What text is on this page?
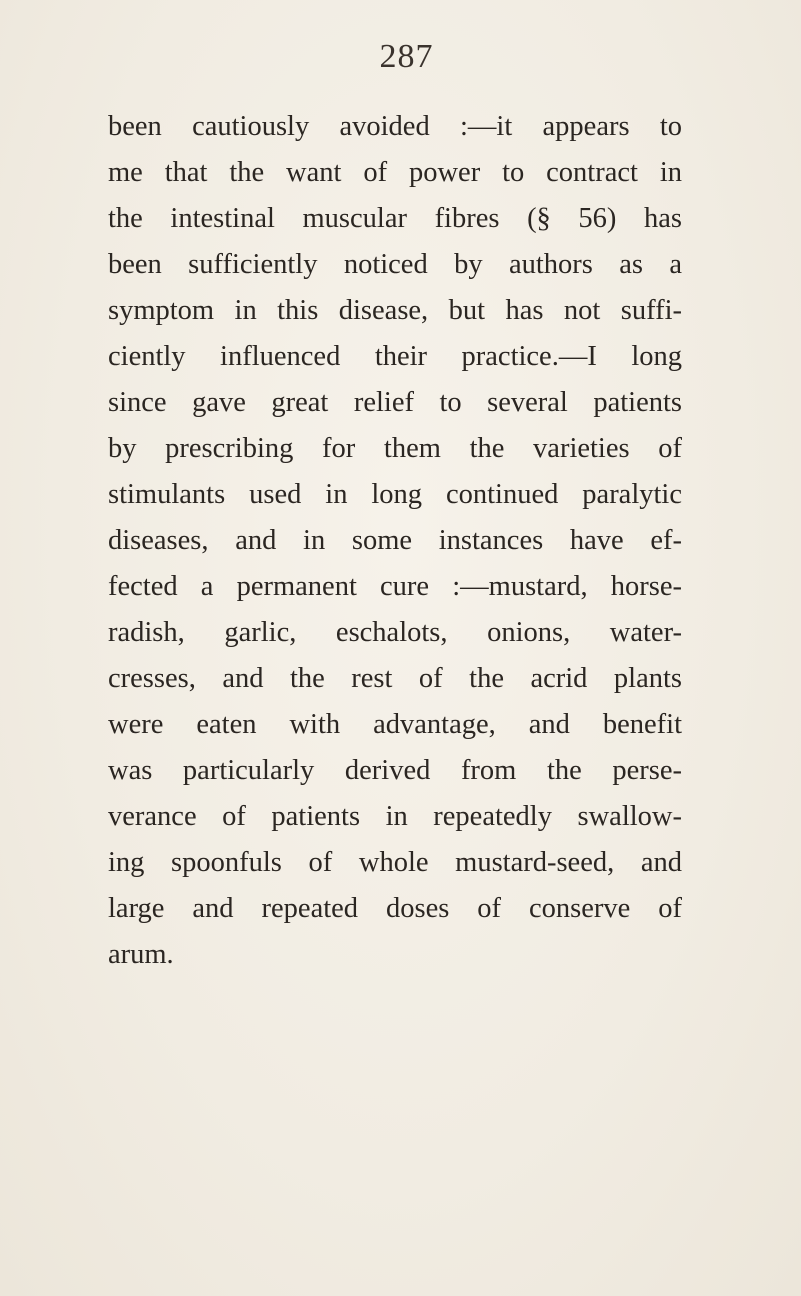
287
been cautiously avoided :—it appears to
me that the want of power to contract in
the intestinal muscular fibres (§ 56) has
been sufficiently noticed by authors as a
symptom in this disease, but has not suffi-
ciently influenced their practice.—I long
since gave great relief to several patients
by prescribing for them the varieties of
stimulants used in long continued paralytic
diseases, and in some instances have ef-
fected a permanent cure :—mustard, horse-
radish, garlic, eschalots, onions, water-
cresses, and the rest of the acrid plants
were eaten with advantage, and benefit
was particularly derived from the perse-
verance of patients in repeatedly swallow-
ing spoonfuls of whole mustard-seed, and
large and repeated doses of conserve of
arum.
